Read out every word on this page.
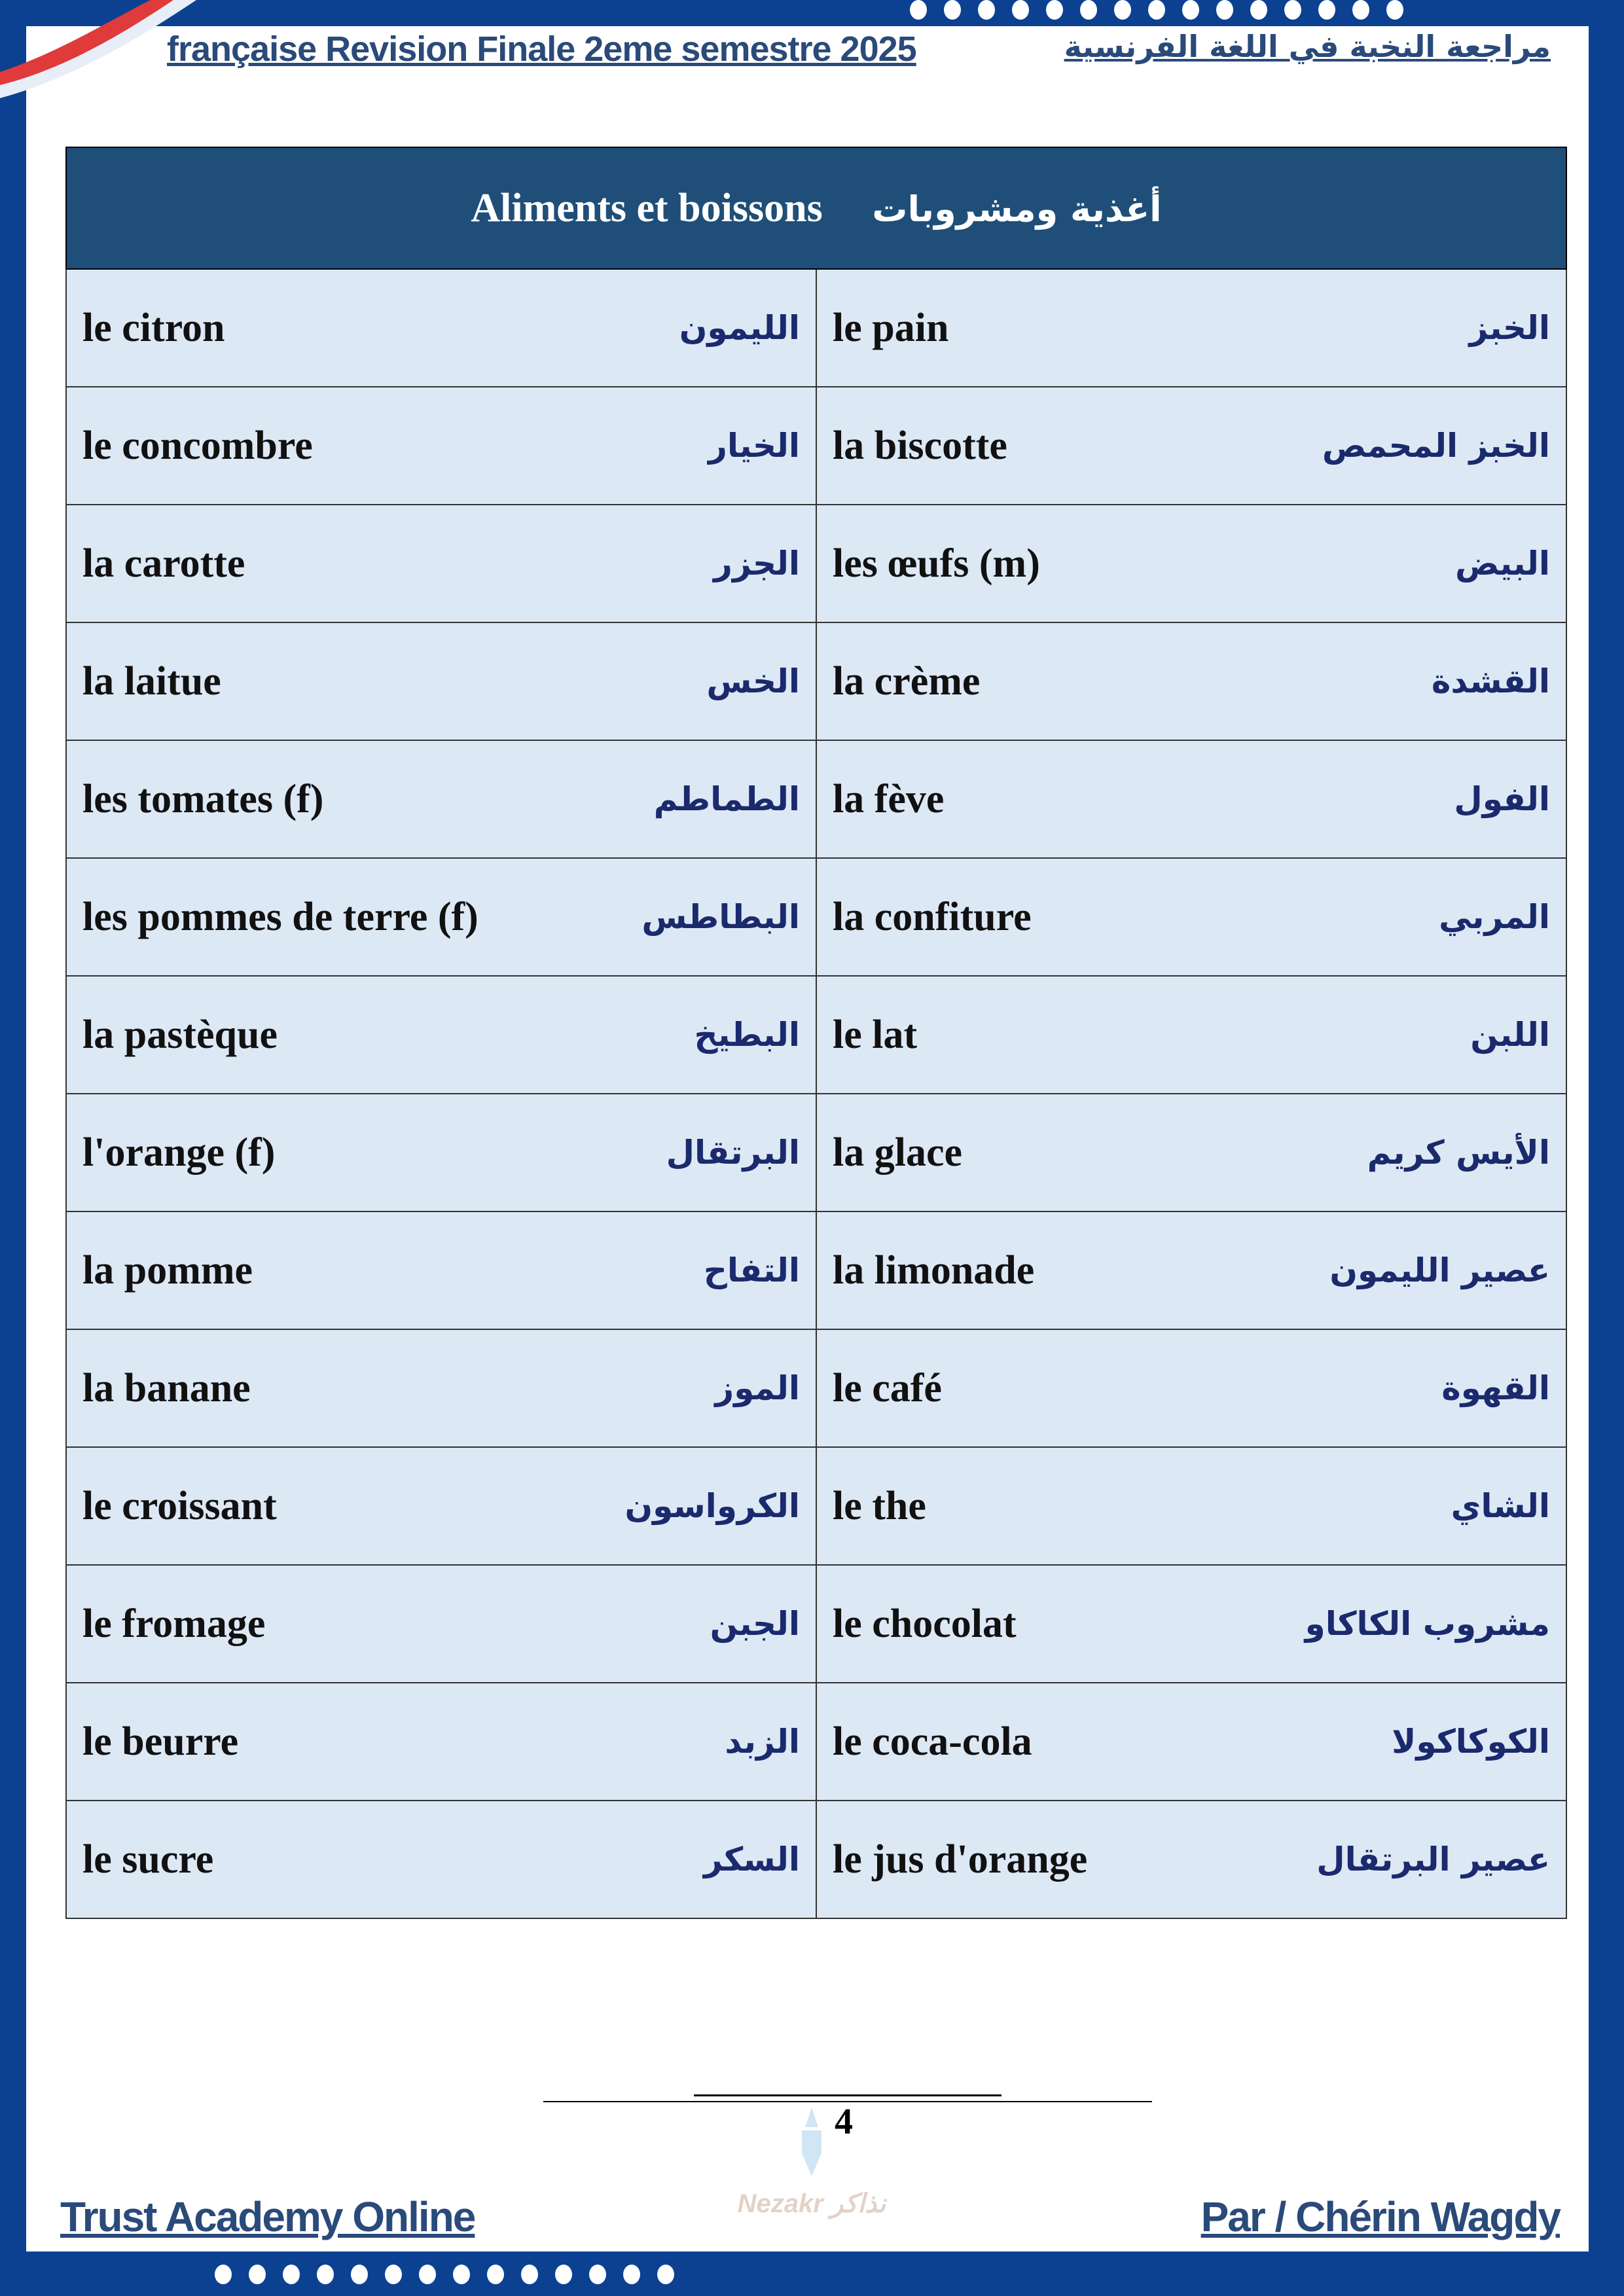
française Revision Finale 2eme semestre 2025	مراجعة النخبة في اللغة الفرنسية
Aliments et boissons أغذية ومشروبات	

le citron الليمون	le pain الخبز

le concombre الخيار	la biscotte الخبز المحمص

la carotte الجزر	les œufs (m) البيض

la laitue الخس	la crème القشدة

les tomates (f) الطماطم	la fève الفول

les pommes de terre (f) البطاطس	la confiture المربي

la pastèque البطيخ	le lat اللبن

l'orange (f) البرتقال	la glace الأيس كريم

la pomme التفاح	la limonade عصير الليمون

la banane الموز	le café القهوة

le croissant الكرواسون	le the الشاي

le fromage الجبن	le chocolat مشروب الكاكاو

le beurre الزبد	le coca-cola الكوكاكولا

le sucre السكر	le jus d'orange عصير البرتقال
Nezakr نذاكر
4
Trust Academy Online	Par / Chérin Wagdy
